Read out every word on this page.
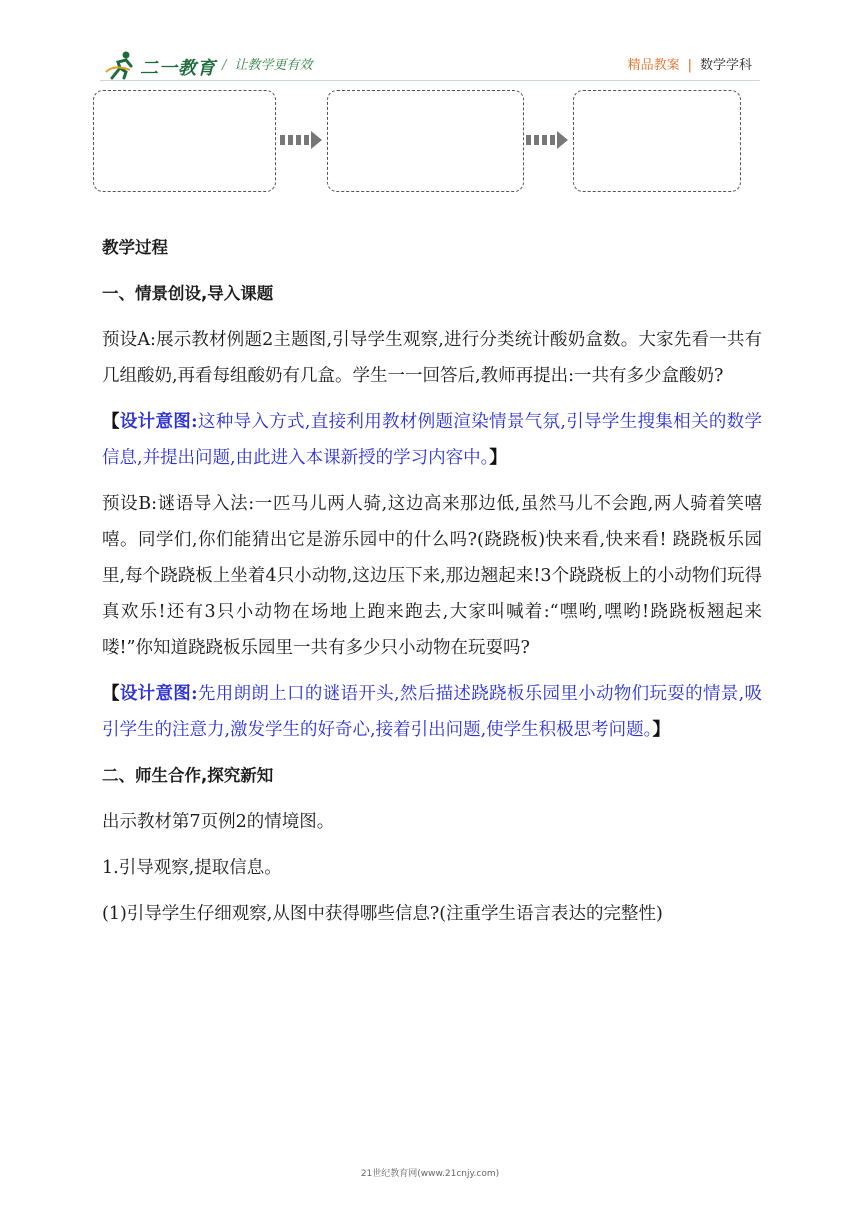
二一教育 / 让教学更有效	精品教案 | 数学学科

教学过程

一、情景创设,导入课题

预设A:展示教材例题2主题图,引导学生观察,进行分类统计酸奶盒数。大家先看一共有几组酸奶,再看每组酸奶有几盒。学生一一回答后,教师再提出:一共有多少盒酸奶?

【设计意图:这种导入方式,直接利用教材例题渲染情景气氛,引导学生搜集相关的数学信息,并提出问题,由此进入本课新授的学习内容中。】

预设B:谜语导入法:一匹马儿两人骑,这边高来那边低,虽然马儿不会跑,两人骑着笑嘻嘻。同学们,你们能猜出它是游乐园中的什么吗?(跷跷板)快来看,快来看! 跷跷板乐园里,每个跷跷板上坐着4只小动物,这边压下来,那边翘起来!3个跷跷板上的小动物们玩得真欢乐!还有3只小动物在场地上跑来跑去,大家叫喊着:“嘿哟,嘿哟!跷跷板翘起来喽!”你知道跷跷板乐园里一共有多少只小动物在玩耍吗?

【设计意图:先用朗朗上口的谜语开头,然后描述跷跷板乐园里小动物们玩耍的情景,吸引学生的注意力,激发学生的好奇心,接着引出问题,使学生积极思考问题。】

二、师生合作,探究新知

出示教材第7页例2的情境图。

1.引导观察,提取信息。

(1)引导学生仔细观察,从图中获得哪些信息?(注重学生语言表达的完整性)

21世纪教育网(www.21cnjy.com)
